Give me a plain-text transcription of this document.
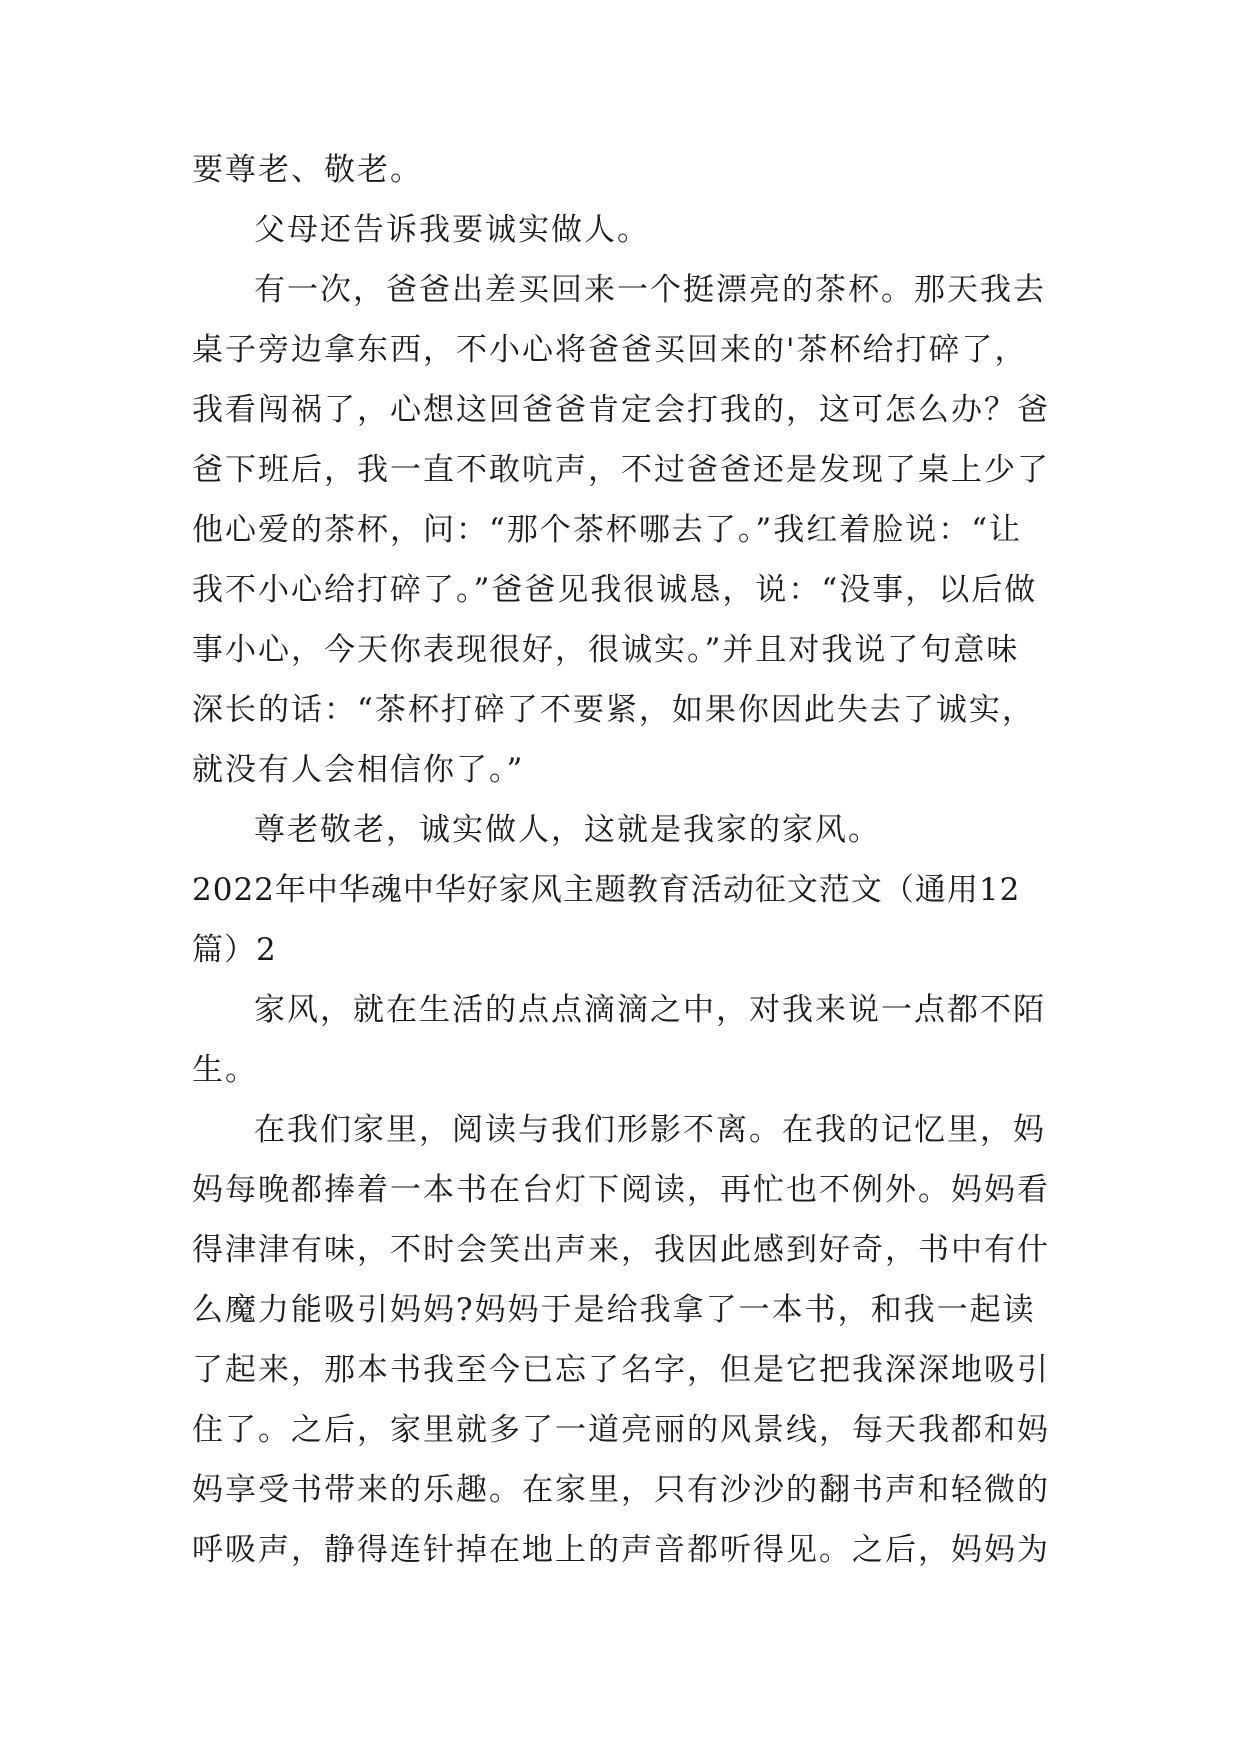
要尊老、敬老。
父母还告诉我要诚实做人。
有一次，爸爸出差买回来一个挺漂亮的茶杯。那天我去
桌子旁边拿东西，不小心将爸爸买回来的'茶杯给打碎了，
我看闯祸了，心想这回爸爸肯定会打我的，这可怎么办？爸
爸下班后，我一直不敢吭声，不过爸爸还是发现了桌上少了
他心爱的茶杯，问：“那个茶杯哪去了。”我红着脸说：“让
我不小心给打碎了。”爸爸见我很诚恳，说：“没事，以后做
事小心，今天你表现很好，很诚实。”并且对我说了句意味
深长的话：“茶杯打碎了不要紧，如果你因此失去了诚实，
就没有人会相信你了。”
尊老敬老，诚实做人，这就是我家的家风。
2022年中华魂中华好家风主题教育活动征文范文（通用12
篇）2
家风，就在生活的点点滴滴之中，对我来说一点都不陌
生。
在我们家里，阅读与我们形影不离。在我的记忆里，妈
妈每晚都捧着一本书在台灯下阅读，再忙也不例外。妈妈看
得津津有味，不时会笑出声来，我因此感到好奇，书中有什
么魔力能吸引妈妈?妈妈于是给我拿了一本书，和我一起读
了起来，那本书我至今已忘了名字，但是它把我深深地吸引
住了。之后，家里就多了一道亮丽的风景线，每天我都和妈
妈享受书带来的乐趣。在家里，只有沙沙的翻书声和轻微的
呼吸声，静得连针掉在地上的声音都听得见。之后，妈妈为
